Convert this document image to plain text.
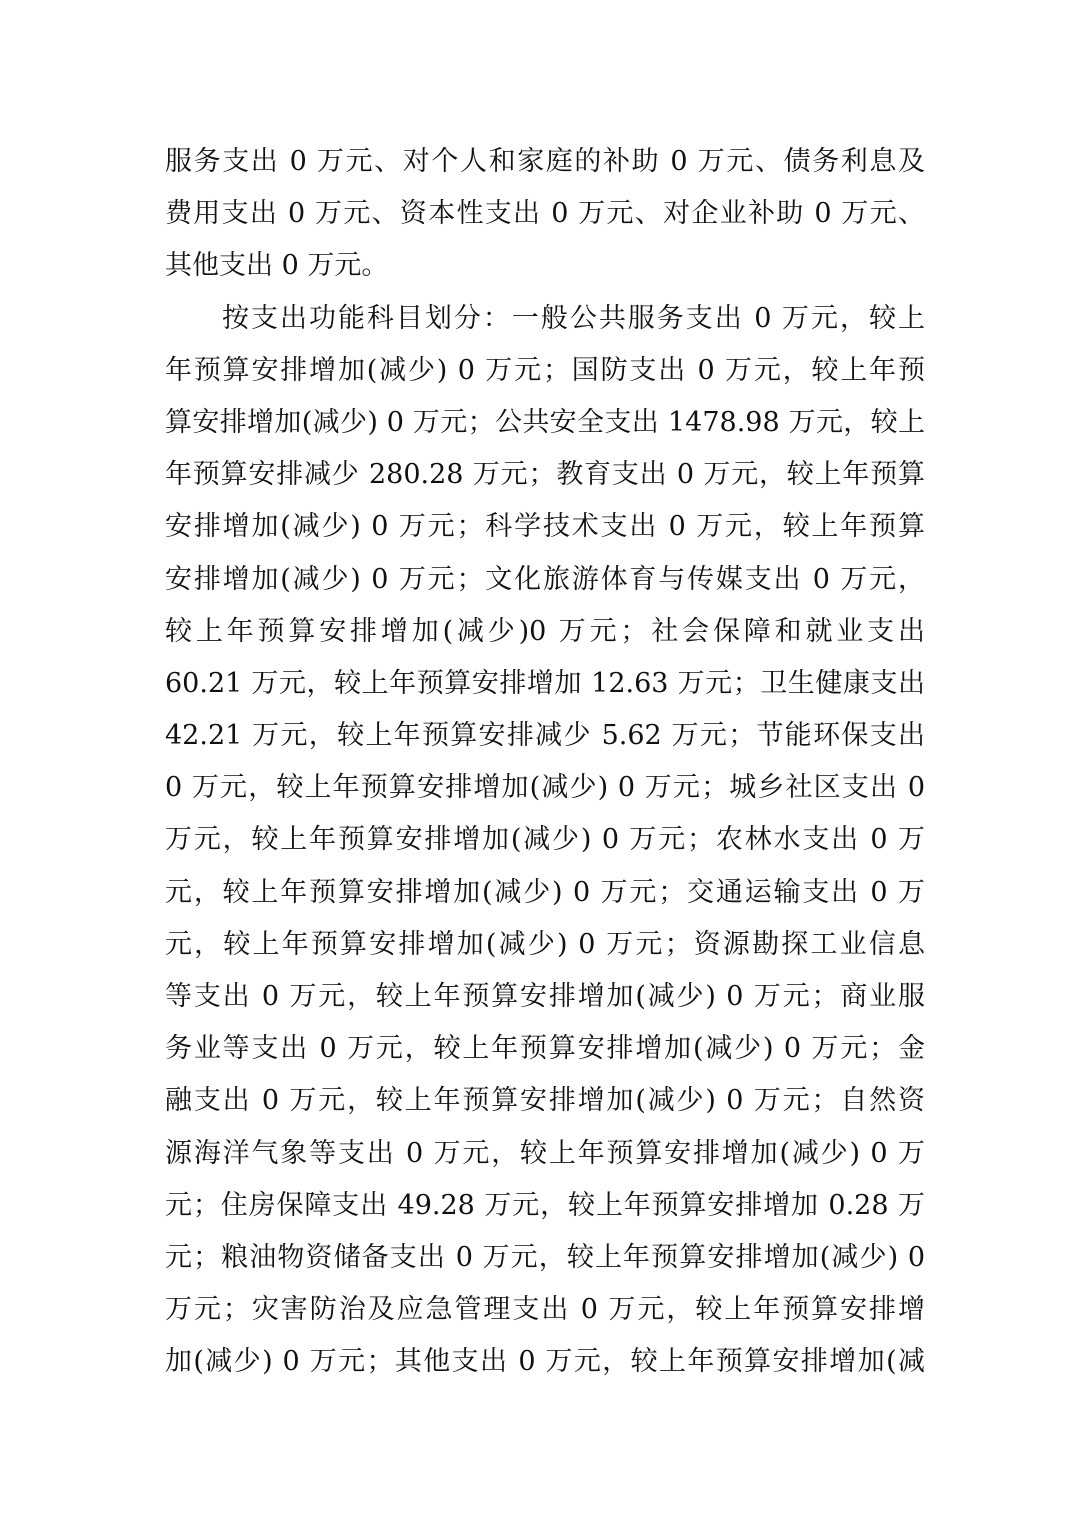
服务支出 0 万元、对个人和家庭的补助 0 万元、债务利息及
费用支出 0 万元、资本性支出 0 万元、对企业补助 0 万元、
其他支出 0 万元。
按支出功能科目划分：一般公共服务支出 0 万元，较上
年预算安排增加(减少) 0 万元；国防支出 0 万元，较上年预
算安排增加(减少) 0 万元；公共安全支出 1478.98 万元，较上
年预算安排减少 280.28 万元；教育支出 0 万元，较上年预算
安排增加(减少) 0 万元；科学技术支出 0 万元，较上年预算
安排增加(减少) 0 万元；文化旅游体育与传媒支出 0 万元，
较上年预算安排增加(减少)0 万元；社会保障和就业支出
60.21 万元，较上年预算安排增加 12.63 万元；卫生健康支出
42.21 万元，较上年预算安排减少 5.62 万元；节能环保支出
0 万元，较上年预算安排增加(减少) 0 万元；城乡社区支出 0
万元，较上年预算安排增加(减少) 0 万元；农林水支出 0 万
元，较上年预算安排增加(减少) 0 万元；交通运输支出 0 万
元，较上年预算安排增加(减少) 0 万元；资源勘探工业信息
等支出 0 万元，较上年预算安排增加(减少) 0 万元；商业服
务业等支出 0 万元，较上年预算安排增加(减少) 0 万元；金
融支出 0 万元，较上年预算安排增加(减少) 0 万元；自然资
源海洋气象等支出 0 万元，较上年预算安排增加(减少) 0 万
元；住房保障支出 49.28 万元，较上年预算安排增加 0.28 万
元；粮油物资储备支出 0 万元，较上年预算安排增加(减少) 0
万元；灾害防治及应急管理支出 0 万元，较上年预算安排增
加(减少) 0 万元；其他支出 0 万元，较上年预算安排增加(减
